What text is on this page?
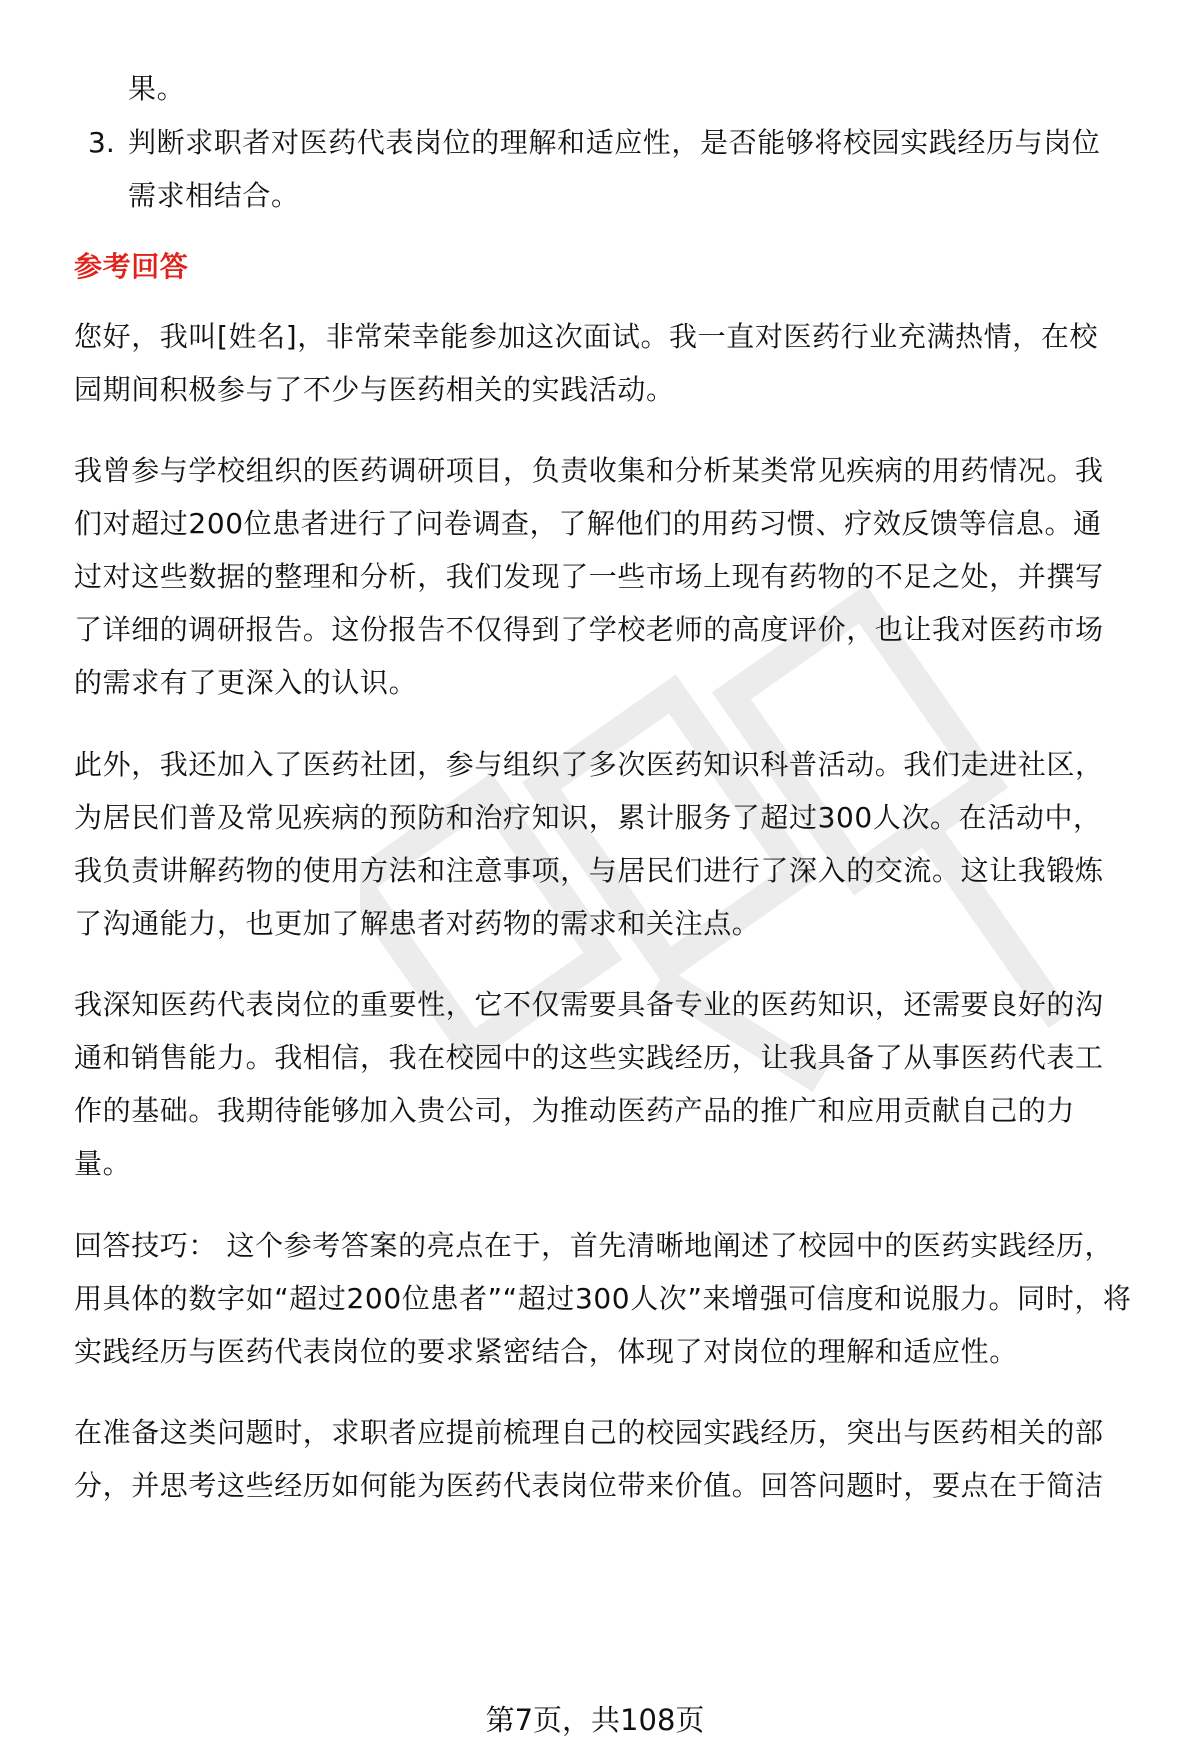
果。
3. 判断求职者对医药代表岗位的理解和适应性，是否能够将校园实践经历与岗位
需求相结合。
参考回答
您好，我叫[姓名]，非常荣幸能参加这次面试。我一直对医药行业充满热情，在校
园期间积极参与了不少与医药相关的实践活动。
我曾参与学校组织的医药调研项目，负责收集和分析某类常见疾病的用药情况。我
们对超过200位患者进行了问卷调查，了解他们的用药习惯、疗效反馈等信息。通
过对这些数据的整理和分析，我们发现了一些市场上现有药物的不足之处，并撰写
了详细的调研报告。这份报告不仅得到了学校老师的高度评价，也让我对医药市场
的需求有了更深入的认识。
此外，我还加入了医药社团，参与组织了多次医药知识科普活动。我们走进社区，
为居民们普及常见疾病的预防和治疗知识，累计服务了超过300人次。在活动中，
我负责讲解药物的使用方法和注意事项，与居民们进行了深入的交流。这让我锻炼
了沟通能力，也更加了解患者对药物的需求和关注点。
我深知医药代表岗位的重要性，它不仅需要具备专业的医药知识，还需要良好的沟
通和销售能力。我相信，我在校园中的这些实践经历，让我具备了从事医药代表工
作的基础。我期待能够加入贵公司，为推动医药产品的推广和应用贡献自己的力
量。
回答技巧： 这个参考答案的亮点在于，首先清晰地阐述了校园中的医药实践经历，
用具体的数字如“超过200位患者”“超过300人次”来增强可信度和说服力。同时，将
实践经历与医药代表岗位的要求紧密结合，体现了对岗位的理解和适应性。
在准备这类问题时，求职者应提前梳理自己的校园实践经历，突出与医药相关的部
分，并思考这些经历如何能为医药代表岗位带来价值。回答问题时，要点在于简洁
第7页，共108页
